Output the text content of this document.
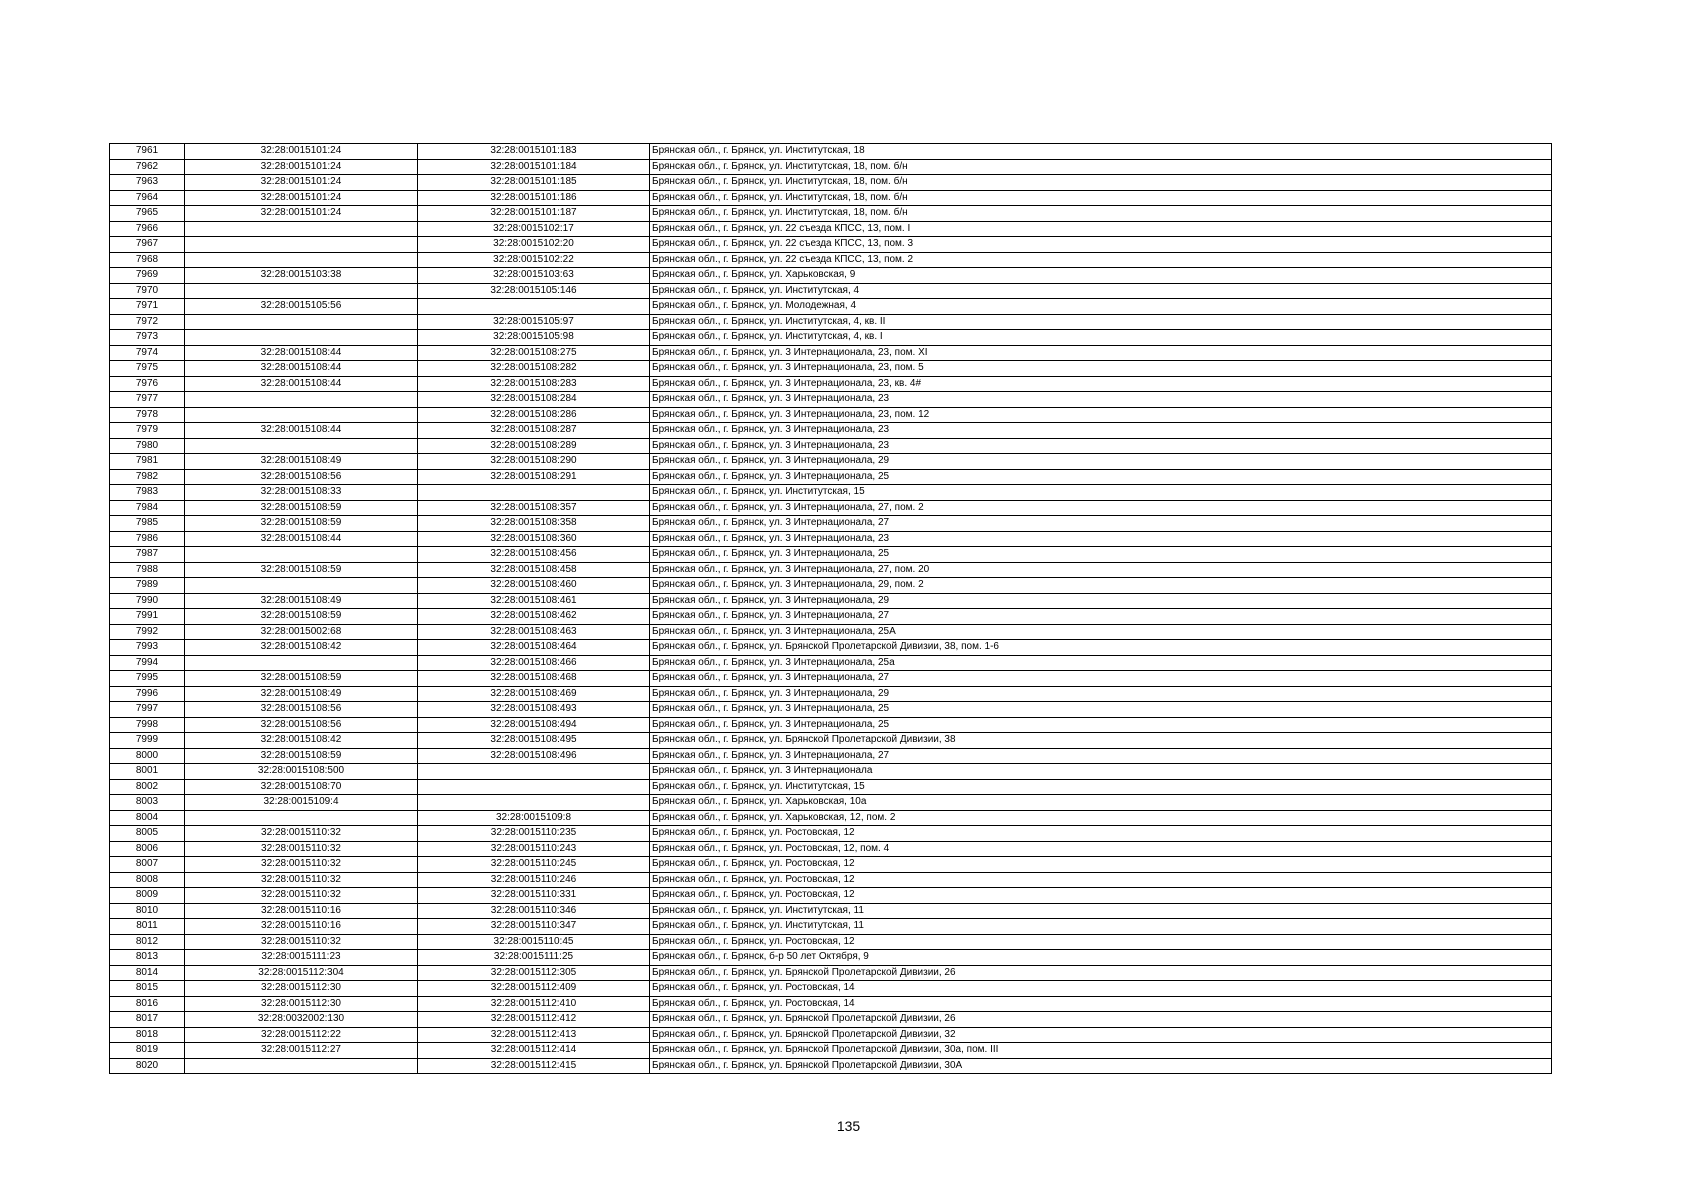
7961	32:28:0015101:24	32:28:0015101:183	Брянская обл., г. Брянск, ул. Институтская, 18
7962	32:28:0015101:24	32:28:0015101:184	Брянская обл., г. Брянск, ул. Институтская, 18, пом. б/н
7963	32:28:0015101:24	32:28:0015101:185	Брянская обл., г. Брянск, ул. Институтская, 18, пом. б/н
7964	32:28:0015101:24	32:28:0015101:186	Брянская обл., г. Брянск, ул. Институтская, 18, пом. б/н
7965	32:28:0015101:24	32:28:0015101:187	Брянская обл., г. Брянск, ул. Институтская, 18, пом. б/н
7966		32:28:0015102:17	Брянская обл., г. Брянск, ул. 22 съезда КПСС, 13, пом. I
7967		32:28:0015102:20	Брянская обл., г. Брянск, ул. 22 съезда КПСС, 13, пом. 3
7968		32:28:0015102:22	Брянская обл., г. Брянск, ул. 22 съезда КПСС, 13, пом. 2
7969	32:28:0015103:38	32:28:0015103:63	Брянская обл., г. Брянск, ул. Харьковская, 9
7970		32:28:0015105:146	Брянская обл., г. Брянск, ул. Институтская, 4
7971	32:28:0015105:56		Брянская обл., г. Брянск, ул. Молодежная, 4
7972		32:28:0015105:97	Брянская обл., г. Брянск, ул. Институтская, 4, кв. II
7973		32:28:0015105:98	Брянская обл., г. Брянск, ул. Институтская, 4, кв. I
7974	32:28:0015108:44	32:28:0015108:275	Брянская обл., г. Брянск, ул. 3 Интернационала, 23, пом. XI
7975	32:28:0015108:44	32:28:0015108:282	Брянская обл., г. Брянск, ул. 3 Интернационала, 23, пом. 5
7976	32:28:0015108:44	32:28:0015108:283	Брянская обл., г. Брянск, ул. 3 Интернационала, 23, кв. 4#
7977		32:28:0015108:284	Брянская обл., г. Брянск, ул. 3 Интернационала, 23
7978		32:28:0015108:286	Брянская обл., г. Брянск, ул. 3 Интернационала, 23, пом. 12
7979	32:28:0015108:44	32:28:0015108:287	Брянская обл., г. Брянск, ул. 3 Интернационала, 23
7980		32:28:0015108:289	Брянская обл., г. Брянск, ул. 3 Интернационала, 23
7981	32:28:0015108:49	32:28:0015108:290	Брянская обл., г. Брянск, ул. 3 Интернационала, 29
7982	32:28:0015108:56	32:28:0015108:291	Брянская обл., г. Брянск, ул. 3 Интернационала, 25
7983	32:28:0015108:33		Брянская обл., г. Брянск, ул. Институтская, 15
7984	32:28:0015108:59	32:28:0015108:357	Брянская обл., г. Брянск, ул. 3 Интернационала, 27, пом. 2
7985	32:28:0015108:59	32:28:0015108:358	Брянская обл., г. Брянск, ул. 3 Интернационала, 27
7986	32:28:0015108:44	32:28:0015108:360	Брянская обл., г. Брянск, ул. 3 Интернационала, 23
7987		32:28:0015108:456	Брянская обл., г. Брянск, ул. 3 Интернационала, 25
7988	32:28:0015108:59	32:28:0015108:458	Брянская обл., г. Брянск, ул. 3 Интернационала, 27, пом. 20
7989		32:28:0015108:460	Брянская обл., г. Брянск, ул. 3 Интернационала, 29, пом. 2
7990	32:28:0015108:49	32:28:0015108:461	Брянская обл., г. Брянск, ул. 3 Интернационала, 29
7991	32:28:0015108:59	32:28:0015108:462	Брянская обл., г. Брянск, ул. 3 Интернационала, 27
7992	32:28:0015002:68	32:28:0015108:463	Брянская обл., г. Брянск, ул. 3 Интернационала, 25А
7993	32:28:0015108:42	32:28:0015108:464	Брянская обл., г. Брянск, ул. Брянской Пролетарской Дивизии, 38, пом. 1-6
7994		32:28:0015108:466	Брянская обл., г. Брянск, ул. 3 Интернационала, 25а
7995	32:28:0015108:59	32:28:0015108:468	Брянская обл., г. Брянск, ул. 3 Интернационала, 27
7996	32:28:0015108:49	32:28:0015108:469	Брянская обл., г. Брянск, ул. 3 Интернационала, 29
7997	32:28:0015108:56	32:28:0015108:493	Брянская обл., г. Брянск, ул. 3 Интернационала, 25
7998	32:28:0015108:56	32:28:0015108:494	Брянская обл., г. Брянск, ул. 3 Интернационала, 25
7999	32:28:0015108:42	32:28:0015108:495	Брянская обл., г. Брянск, ул. Брянской Пролетарской Дивизии, 38
8000	32:28:0015108:59	32:28:0015108:496	Брянская обл., г. Брянск, ул. 3 Интернационала, 27
8001	32:28:0015108:500		Брянская обл., г. Брянск, ул. 3 Интернационала
8002	32:28:0015108:70		Брянская обл., г. Брянск, ул. Институтская, 15
8003	32:28:0015109:4		Брянская обл., г. Брянск, ул. Харьковская, 10а
8004		32:28:0015109:8	Брянская обл., г. Брянск, ул. Харьковская, 12, пом. 2
8005	32:28:0015110:32	32:28:0015110:235	Брянская обл., г. Брянск, ул. Ростовская, 12
8006	32:28:0015110:32	32:28:0015110:243	Брянская обл., г. Брянск, ул. Ростовская, 12, пом. 4
8007	32:28:0015110:32	32:28:0015110:245	Брянская обл., г. Брянск, ул. Ростовская, 12
8008	32:28:0015110:32	32:28:0015110:246	Брянская обл., г. Брянск, ул. Ростовская, 12
8009	32:28:0015110:32	32:28:0015110:331	Брянская обл., г. Брянск, ул. Ростовская, 12
8010	32:28:0015110:16	32:28:0015110:346	Брянская обл., г. Брянск, ул. Институтская, 11
8011	32:28:0015110:16	32:28:0015110:347	Брянская обл., г. Брянск, ул. Институтская, 11
8012	32:28:0015110:32	32:28:0015110:45	Брянская обл., г. Брянск, ул. Ростовская, 12
8013	32:28:0015111:23	32:28:0015111:25	Брянская обл., г. Брянск, б-р 50 лет Октября, 9
8014	32:28:0015112:304	32:28:0015112:305	Брянская обл., г. Брянск, ул. Брянской Пролетарской Дивизии, 26
8015	32:28:0015112:30	32:28:0015112:409	Брянская обл., г. Брянск, ул. Ростовская, 14
8016	32:28:0015112:30	32:28:0015112:410	Брянская обл., г. Брянск, ул. Ростовская, 14
8017	32:28:0032002:130	32:28:0015112:412	Брянская обл., г. Брянск, ул. Брянской Пролетарской Дивизии, 26
8018	32:28:0015112:22	32:28:0015112:413	Брянская обл., г. Брянск, ул. Брянской Пролетарской Дивизии, 32
8019	32:28:0015112:27	32:28:0015112:414	Брянская обл., г. Брянск, ул. Брянской Пролетарской Дивизии, 30а, пом. III
8020		32:28:0015112:415	Брянская обл., г. Брянск, ул. Брянской Пролетарской Дивизии, 30А
135
